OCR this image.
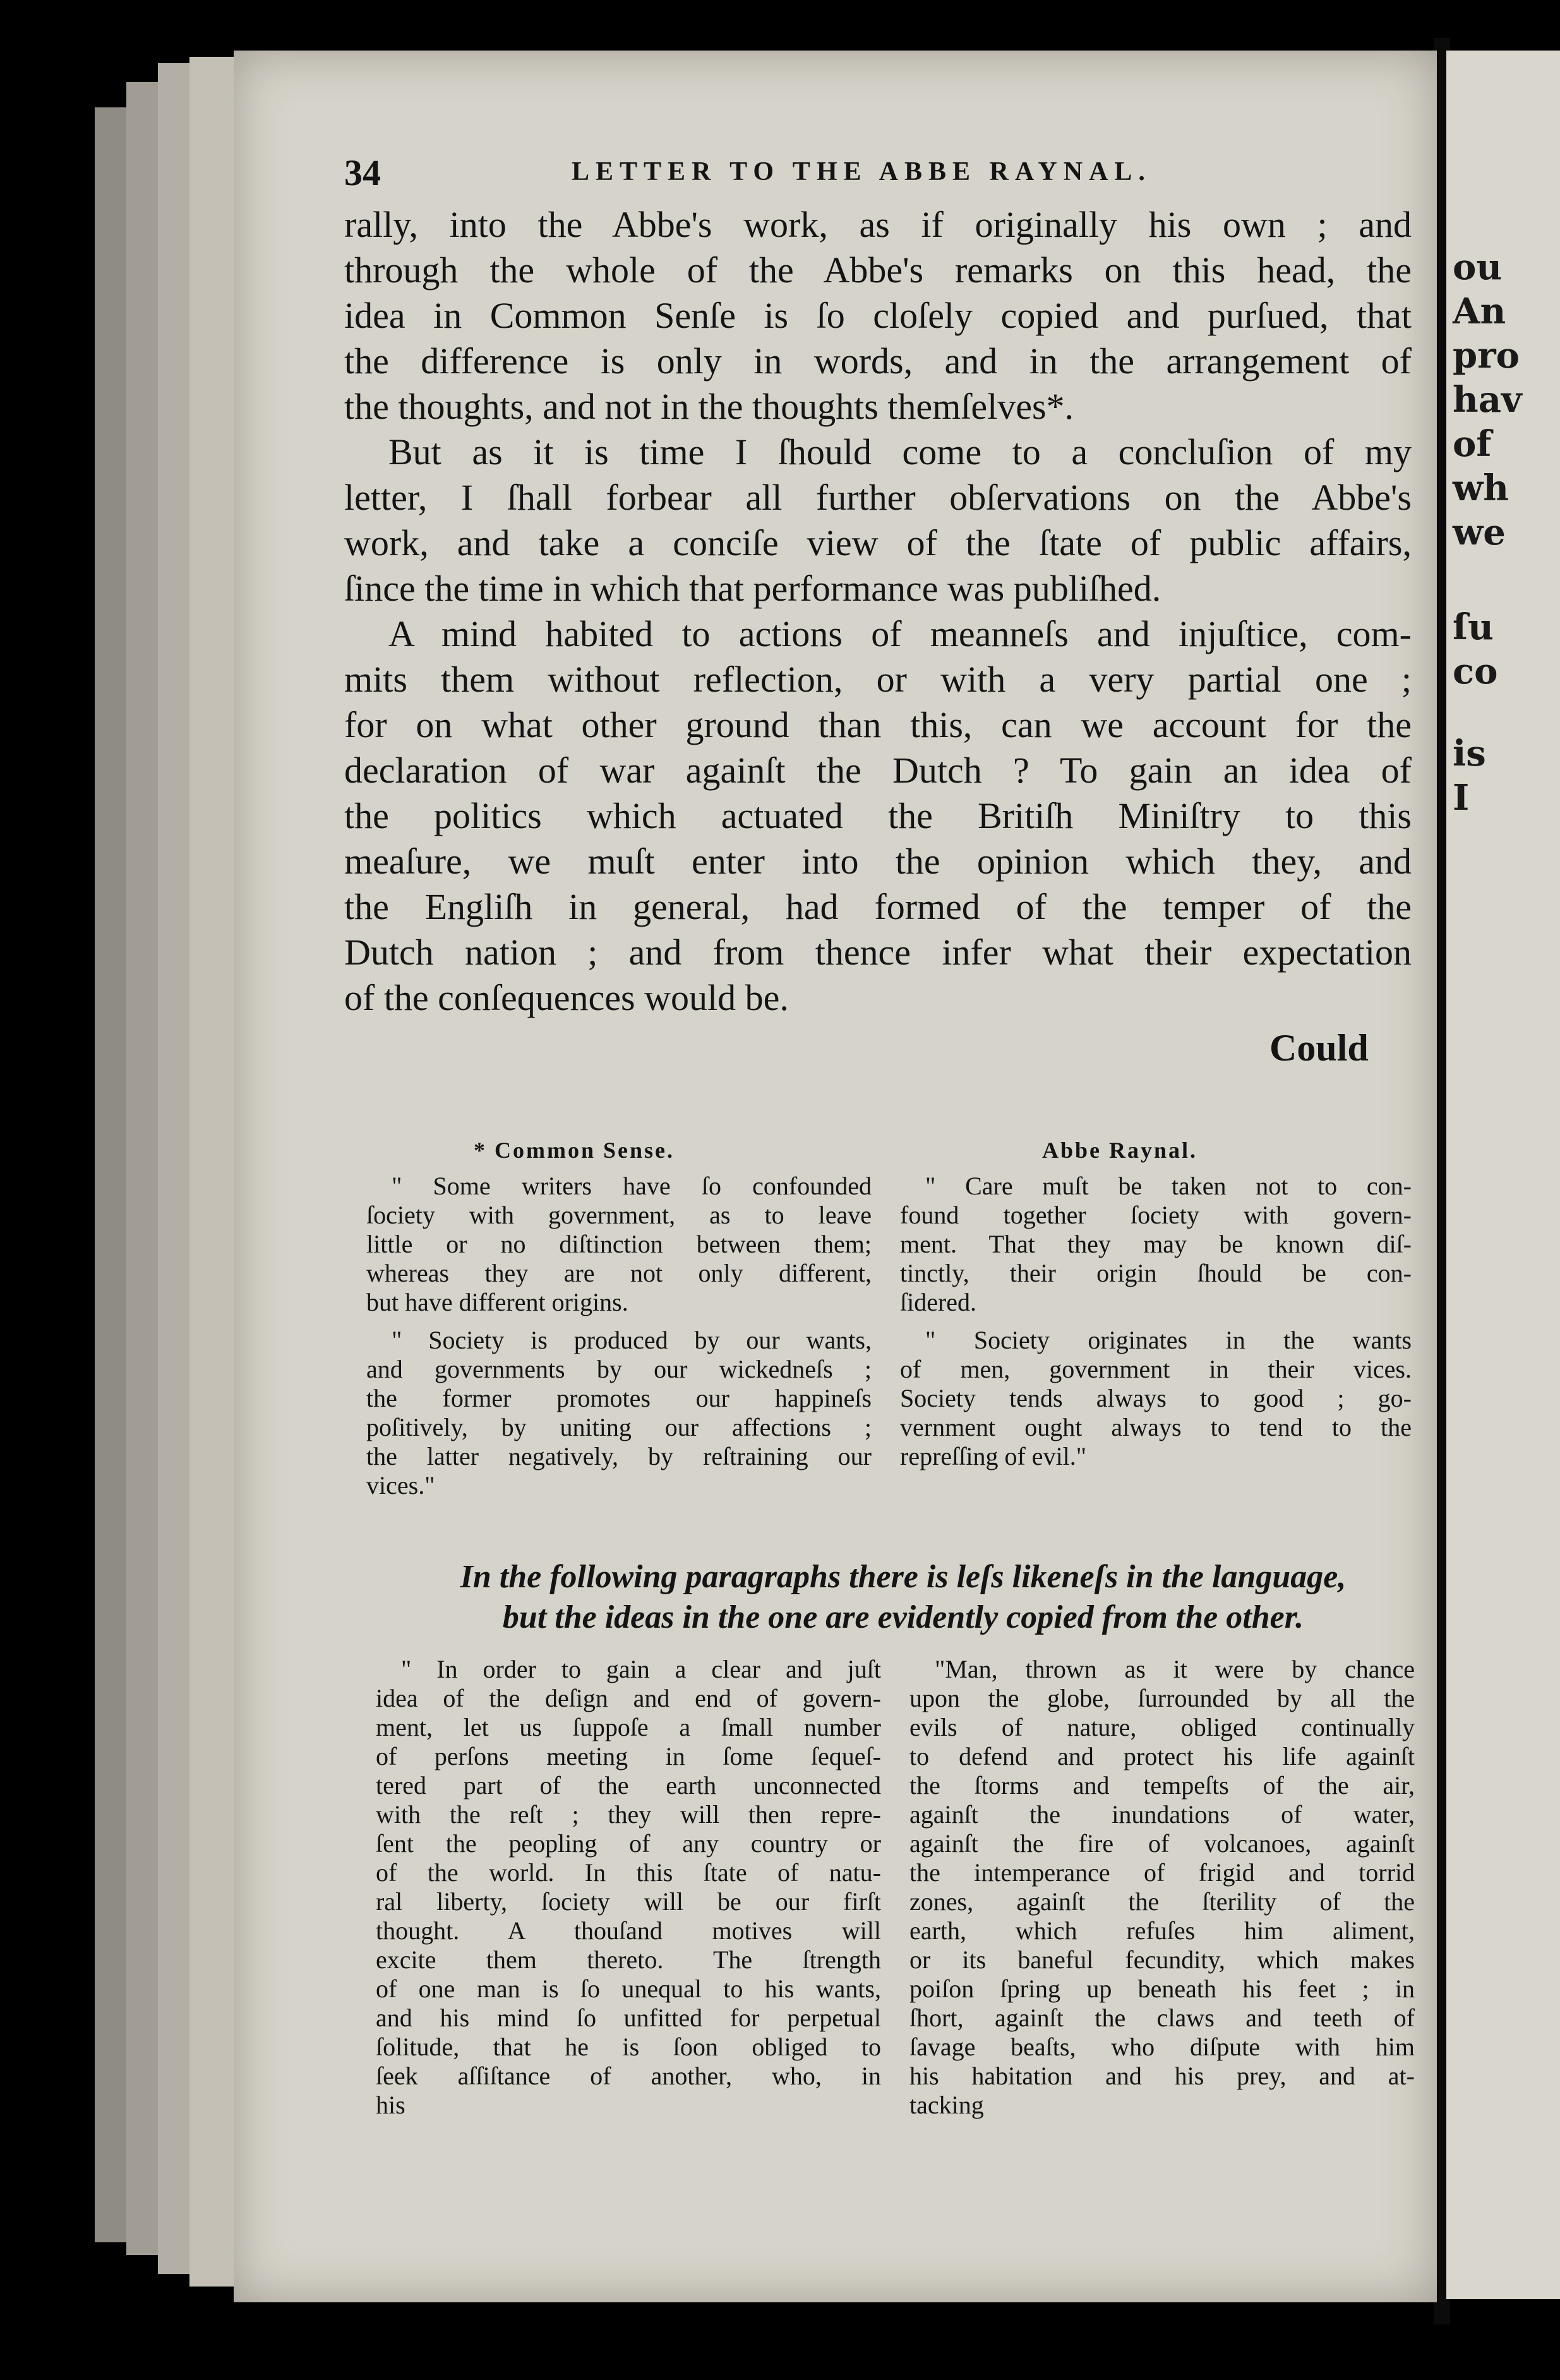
ou
An
pro
hav
of
wh
we
ſu
co
is
I
34	LETTER TO THE ABBE RAYNAL.
rally, into the Abbe's work, as if originally his own ; and
through the whole of the Abbe's remarks on this head, the
idea in Common Senſe is ſo cloſely copied and purſued, that
the difference is only in words, and in the arrangement of
the thoughts, and not in the thoughts themſelves*.
But as it is time I ſhould come to a concluſion of my
letter, I ſhall forbear all further obſervations on the Abbe's
work, and take a conciſe view of the ſtate of public affairs,
ſince the time in which that performance was publiſhed.
A mind habited to actions of meanneſs and injuſtice, com-
mits them without reflection, or with a very partial one ;
for on what other ground than this, can we account for the
declaration of war againſt the Dutch ? To gain an idea of
the politics which actuated the Britiſh Miniſtry to this
meaſure, we muſt enter into the opinion which they, and
the Engliſh in general, had formed of the temper of the
Dutch nation ; and from thence infer what their expectation
of the conſequences would be.
Could
* Common Sense.	Abbe Raynal.
" Some writers have ſo confounded
ſociety with government, as to leave
little or no diſtinction between them;
whereas they are not only different,
but have different origins.
" Society is produced by our wants,
and governments by our wickedneſs ;
the former promotes our happineſs
poſitively, by uniting our affections ;
the latter negatively, by reſtraining our
vices."
" Care muſt be taken not to con-
found together ſociety with govern-
ment. That they may be known diſ-
tinctly, their origin ſhould be con-
ſidered.
" Society originates in the wants
of men, government in their vices.
Society tends always to good ; go-
vernment ought always to tend to the
repreſſing of evil."
In the following paragraphs there is leſs likeneſs in the language,
but the ideas in the one are evidently copied from the other.
" In order to gain a clear and juſt
idea of the deſign and end of govern-
ment, let us ſuppoſe a ſmall number
of perſons meeting in ſome ſequeſ-
tered part of the earth unconnected
with the reſt ; they will then repre-
ſent the peopling of any country or
of the world. In this ſtate of natu-
ral liberty, ſociety will be our firſt
thought. A thouſand motives will
excite them thereto. The ſtrength
of one man is ſo unequal to his wants,
and his mind ſo unfitted for perpetual
ſolitude, that he is ſoon obliged to
ſeek aſſiſtance of another, who, in
his
"Man, thrown as it were by chance
upon the globe, ſurrounded by all the
evils of nature, obliged continually
to defend and protect his life againſt
the ſtorms and tempeſts of the air,
againſt the inundations of water,
againſt the fire of volcanoes, againſt
the intemperance of frigid and torrid
zones, againſt the ſterility of the
earth, which refuſes him aliment,
or its baneful fecundity, which makes
poiſon ſpring up beneath his feet ; in
ſhort, againſt the claws and teeth of
ſavage beaſts, who diſpute with him
his habitation and his prey, and at-
tacking
